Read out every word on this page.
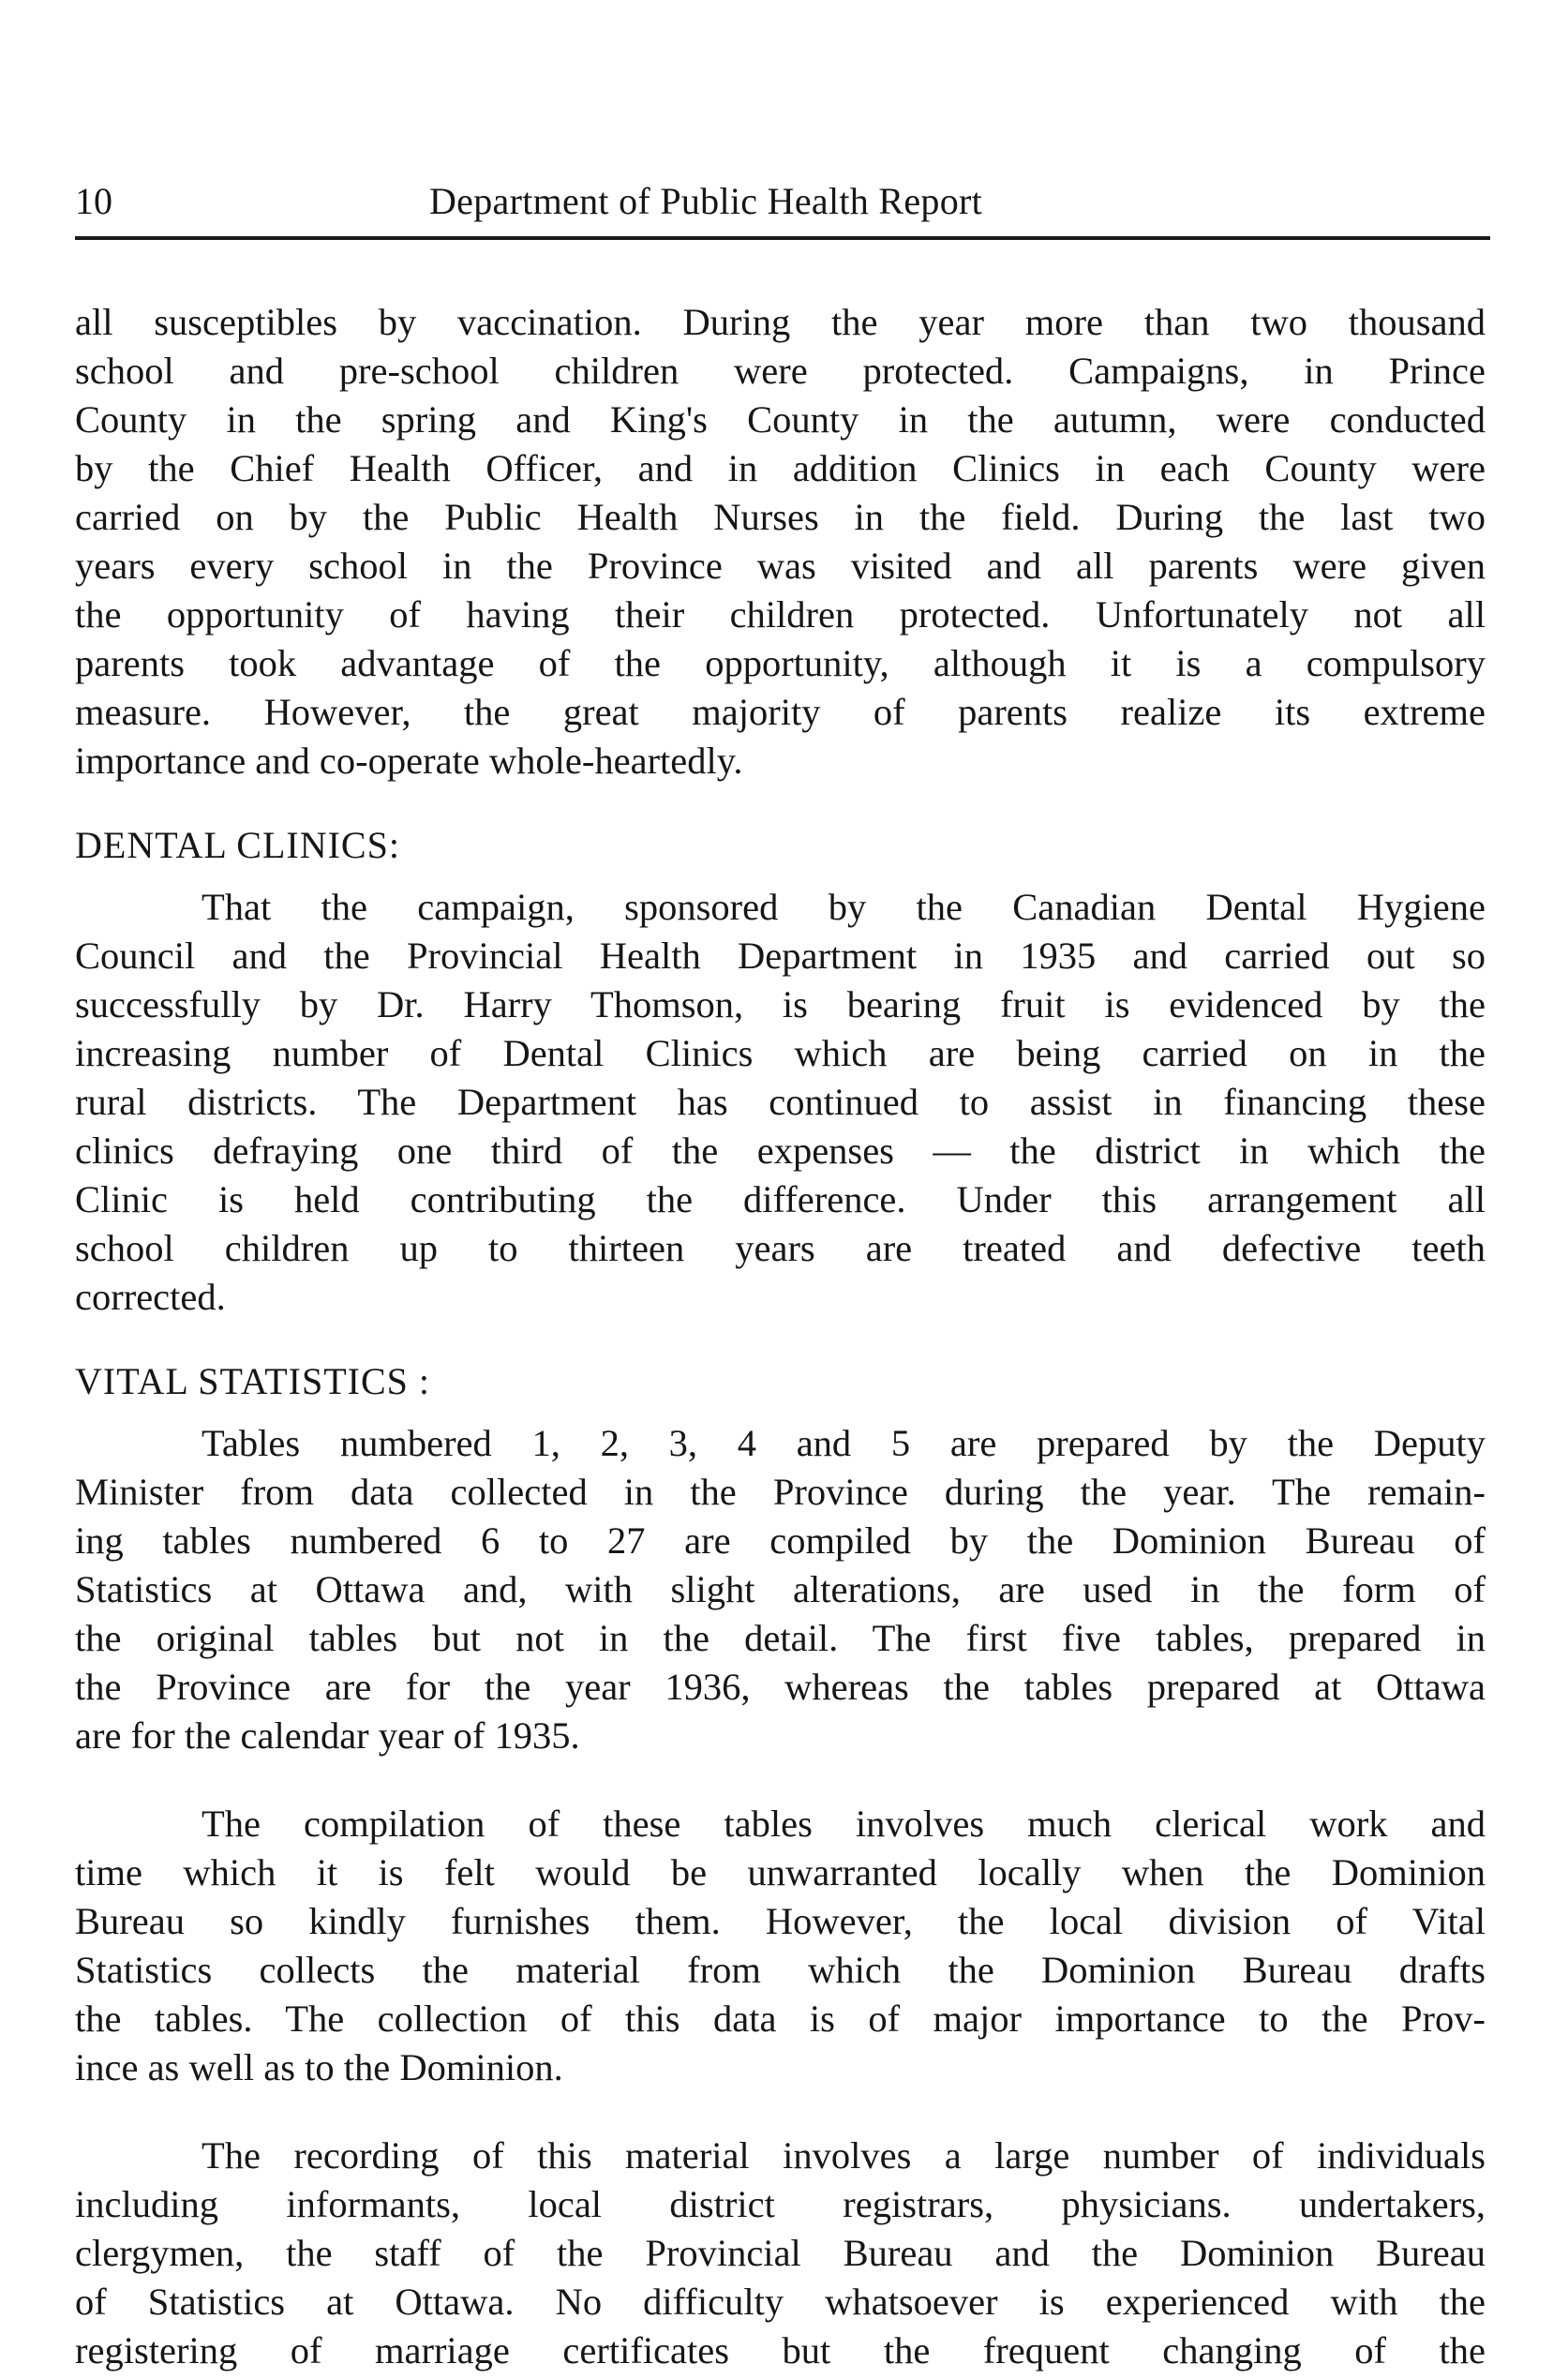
10	Department of Public Health Report
all susceptibles by vaccination. During the year more than two thousand
school and pre-school children were protected. Campaigns, in Prince
County in the spring and King's County in the autumn, were conducted
by the Chief Health Officer, and in addition Clinics in each County were
carried on by the Public Health Nurses in the field. During the last two
years every school in the Province was visited and all parents were given
the opportunity of having their children protected. Unfortunately not all
parents took advantage of the opportunity, although it is a compulsory
measure. However, the great majority of parents realize its extreme
importance and co-operate whole-heartedly.
DENTAL CLINICS:
That the campaign, sponsored by the Canadian Dental Hygiene
Council and the Provincial Health Department in 1935 and carried out so
successfully by Dr. Harry Thomson, is bearing fruit is evidenced by the
increasing number of Dental Clinics which are being carried on in the
rural districts. The Department has continued to assist in financing these
clinics defraying one third of the expenses — the district in which the
Clinic is held contributing the difference. Under this arrangement all
school children up to thirteen years are treated and defective teeth
corrected.
VITAL STATISTICS :
Tables numbered 1, 2, 3, 4 and 5 are prepared by the Deputy
Minister from data collected in the Province during the year. The remain-
ing tables numbered 6 to 27 are compiled by the Dominion Bureau of
Statistics at Ottawa and, with slight alterations, are used in the form of
the original tables but not in the detail. The first five tables, prepared in
the Province are for the year 1936, whereas the tables prepared at Ottawa
are for the calendar year of 1935.
The compilation of these tables involves much clerical work and
time which it is felt would be unwarranted locally when the Dominion
Bureau so kindly furnishes them. However, the local division of Vital
Statistics collects the material from which the Dominion Bureau drafts
the tables. The collection of this data is of major importance to the Prov-
ince as well as to the Dominion.
The recording of this material involves a large number of individuals
including informants, local district registrars, physicians. undertakers,
clergymen, the staff of the Provincial Bureau and the Dominion Bureau
of Statistics at Ottawa. No difficulty whatsoever is experienced with the
registering of marriage certificates but the frequent changing of the
